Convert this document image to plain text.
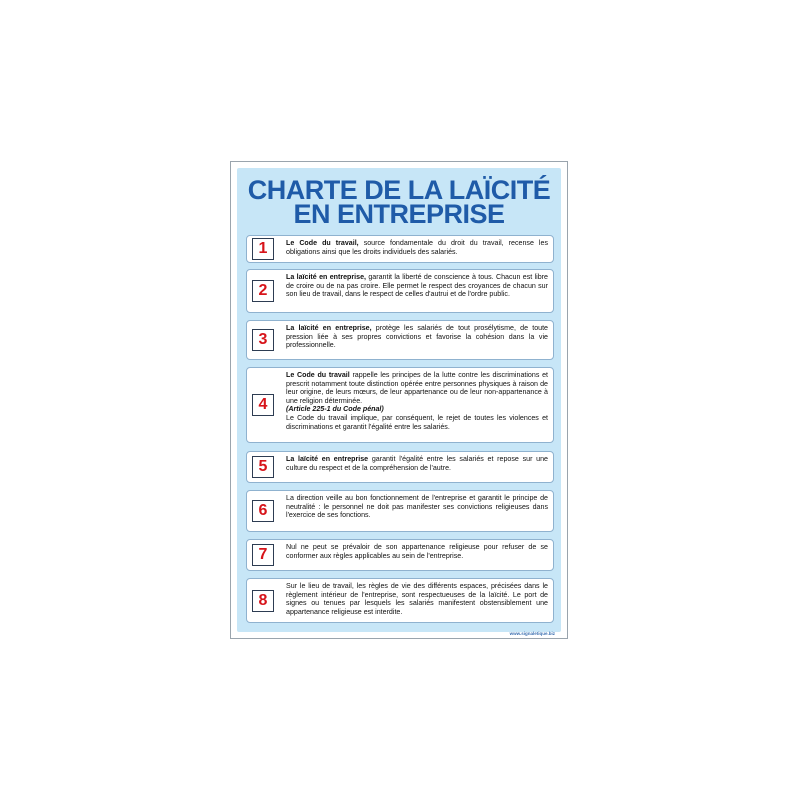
CHARTE DE LA LAÏCITÉ
EN ENTREPRISE
1	Le Code du travail, source fondamentale du droit du travail, recense les obligations ainsi que les droits individuels des salariés.
2
La laïcité en entreprise, garantit la liberté de conscience à tous. Chacun est libre de croire ou de na pas croire. Elle permet le respect des croyances de chacun sur son lieu de travail, dans le respect de celles d'autrui et de l'ordre public.
3
La laïcité en entreprise, protège les salariés de tout prosélytisme, de toute pression liée à ses propres convictions et favorise la cohésion dans la vie professionnelle.
4
Le Code du travail rappelle les principes de la lutte contre les discriminations et prescrit notamment toute distinction opérée entre personnes physiques à raison de leur origine, de leurs mœurs, de leur appartenance ou de leur non-appartenance à une religion déterminée.
(Article 225-1 du Code pénal)
Le Code du travail implique, par conséquent, le rejet de toutes les violences et discriminations et garantit l'égalité entre les salariés.
5	La laïcité en entreprise garantit l'égalité entre les salariés et repose sur une culture du respect et de la compréhension de l'autre.
6
La direction veille au bon fonctionnement de l'entreprise et garantit le principe de neutralité : le personnel ne doit pas manifester ses convictions religieuses dans l'exercice de ses fonctions.
7	Nul ne peut se prévaloir de son appartenance religieuse pour refuser de se conformer aux règles applicables au sein de l'entreprise.
8
Sur le lieu de travail, les règles de vie des différents espaces, précisées dans le règlement intérieur de l'entreprise, sont respectueuses de la laïcité. Le port de signes ou tenues par lesquels les salariés manifestent obstensiblement une appartenance religieuse est interdite.
www.signaletique.biz
